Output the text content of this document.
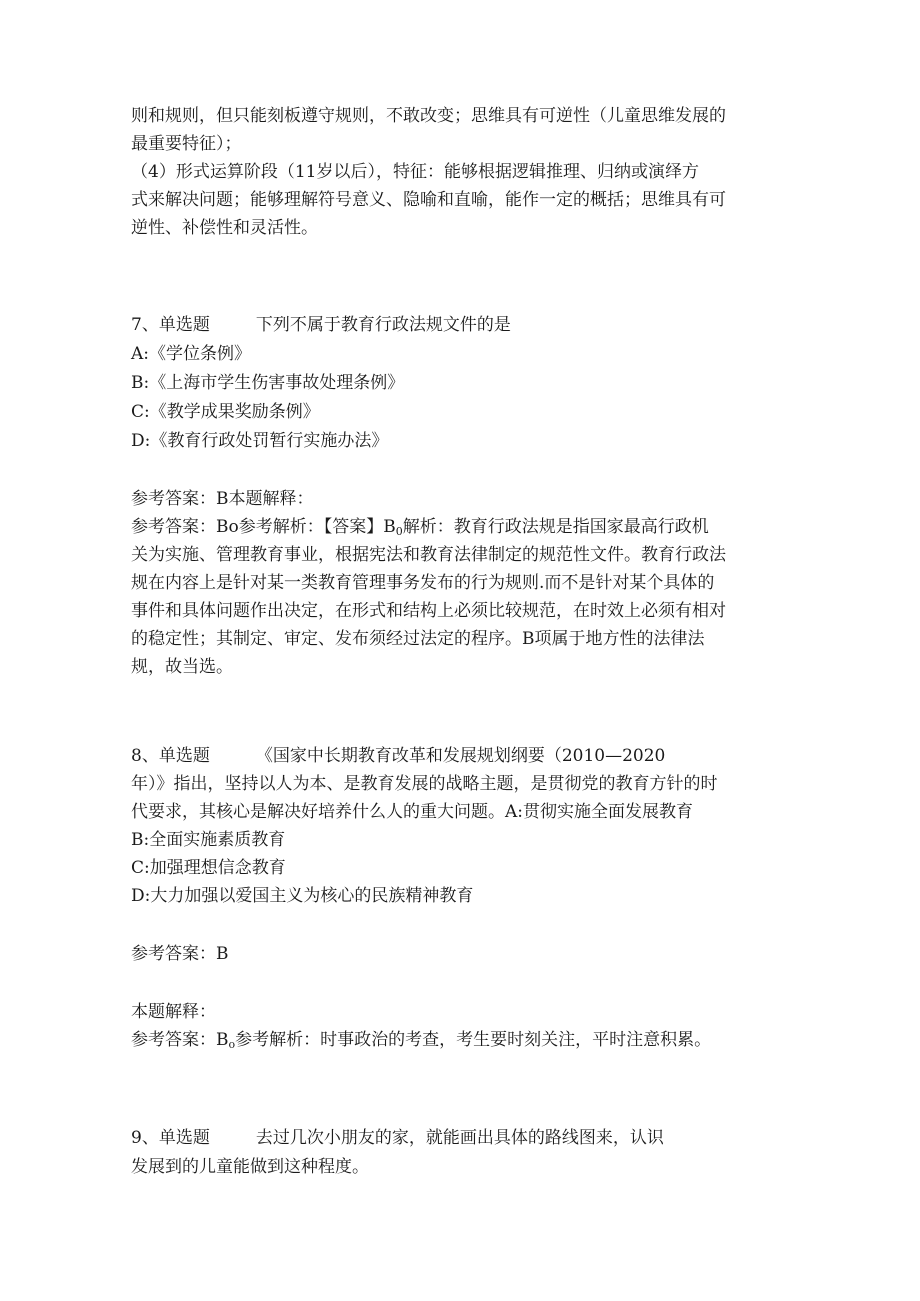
则和规则，但只能刻板遵守规则，不敢改变；思维具有可逆性（儿童思维发展的
最重要特征）；
（4）形式运算阶段（11岁以后），特征：能够根据逻辑推理、归纳或演绎方
式来解决问题；能够理解符号意义、隐喻和直喻，能作一定的概括；思维具有可
逆性、补偿性和灵活性。
7、单选题	下列不属于教育行政法规文件的是
A:《学位条例》
B:《上海市学生伤害事故处理条例》
C:《教学成果奖励条例》
D:《教育行政处罚暂行实施办法》
参考答案：B本题解释：
参考答案：Bo参考解析：【答案】$B_0$解析：教育行政法规是指国家最高行政机
关为实施、管理教育事业，根据宪法和教育法律制定的规范性文件。教育行政法
规在内容上是针对某一类教育管理事务发布的行为规则.而不是针对某个具体的
事件和具体问题作出决定，在形式和结构上必须比较规范，在时效上必须有相对
的稳定性；其制定、审定、发布须经过法定的程序。B项属于地方性的法律法
规，故当选。
8、单选题	《国家中长期教育改革和发展规划纲要（2010—2020
年）》指出，坚持以人为本、是教育发展的战略主题，是贯彻党的教育方针的时
代要求，其核心是解决好培养什么人的重大问题。A:贯彻实施全面发展教育
B:全面实施素质教育
C:加强理想信念教育
D:大力加强以爱国主义为核心的民族精神教育
参考答案：B
本题解释：
参考答案：$B_o$参考解析：时事政治的考查，考生要时刻关注，平时注意积累。
9、单选题	去过几次小朋友的家，就能画出具体的路线图来，认识
发展到的儿童能做到这种程度。
